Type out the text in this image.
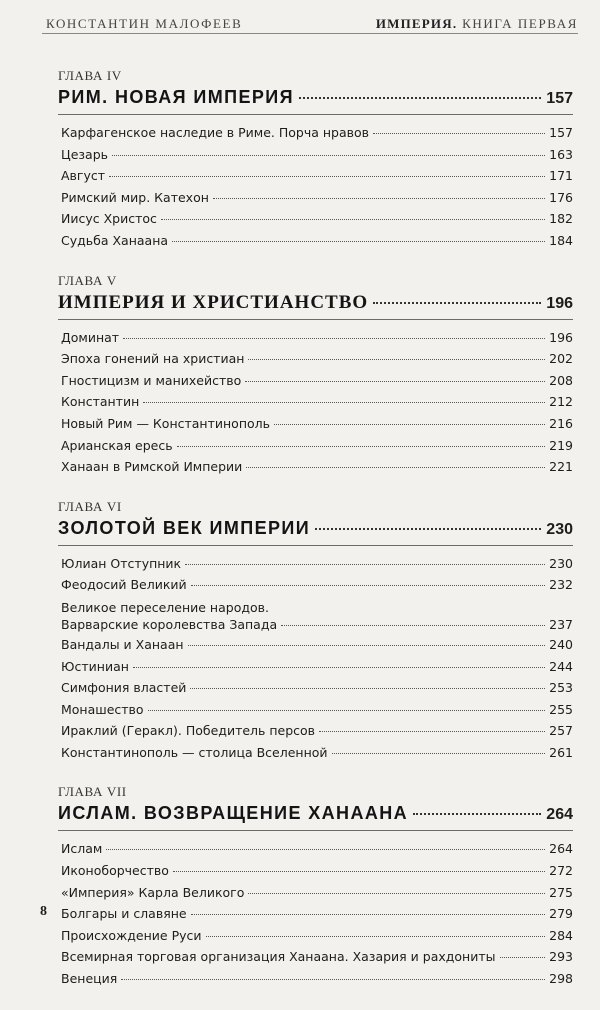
КОНСТАНТИН МАЛОФЕЕВ	ИМПЕРИЯ. КНИГА ПЕРВАЯ
ГЛАВА IV
РИМ. НОВАЯ ИМПЕРИЯ	157
Карфагенское наследие в Риме. Порча нравов	157
Цезарь	163
Август	171
Римский мир. Катехон	176
Иисус Христос	182
Судьба Ханаана	184
ГЛАВА V
ИМПЕРИЯ И ХРИСТИАНСТВО	196
Доминат	196
Эпоха гонений на христиан	202
Гностицизм и манихейство	208
Константин	212
Новый Рим — Константинополь	216
Арианская ересь	219
Ханаан в Римской Империи	221
ГЛАВА VI
ЗОЛОТОЙ ВЕК ИМПЕРИИ	230
Юлиан Отступник	230
Феодосий Великий	232
Великое переселение народов.
Варварские королевства Запада	237
Вандалы и Ханаан	240
Юстиниан	244
Симфония властей	253
Монашество	255
Ираклий (Геракл). Победитель персов	257
Константинополь — столица Вселенной	261
ГЛАВА VII
ИСЛАМ. ВОЗВРАЩЕНИЕ ХАНААНА	264
Ислам	264
Иконоборчество	272
«Империя» Карла Великого	275
Болгары и славяне	279
Происхождение Руси	284
Всемирная торговая организация Ханаана. Хазария и рахдониты	293
Венеция	298
8
